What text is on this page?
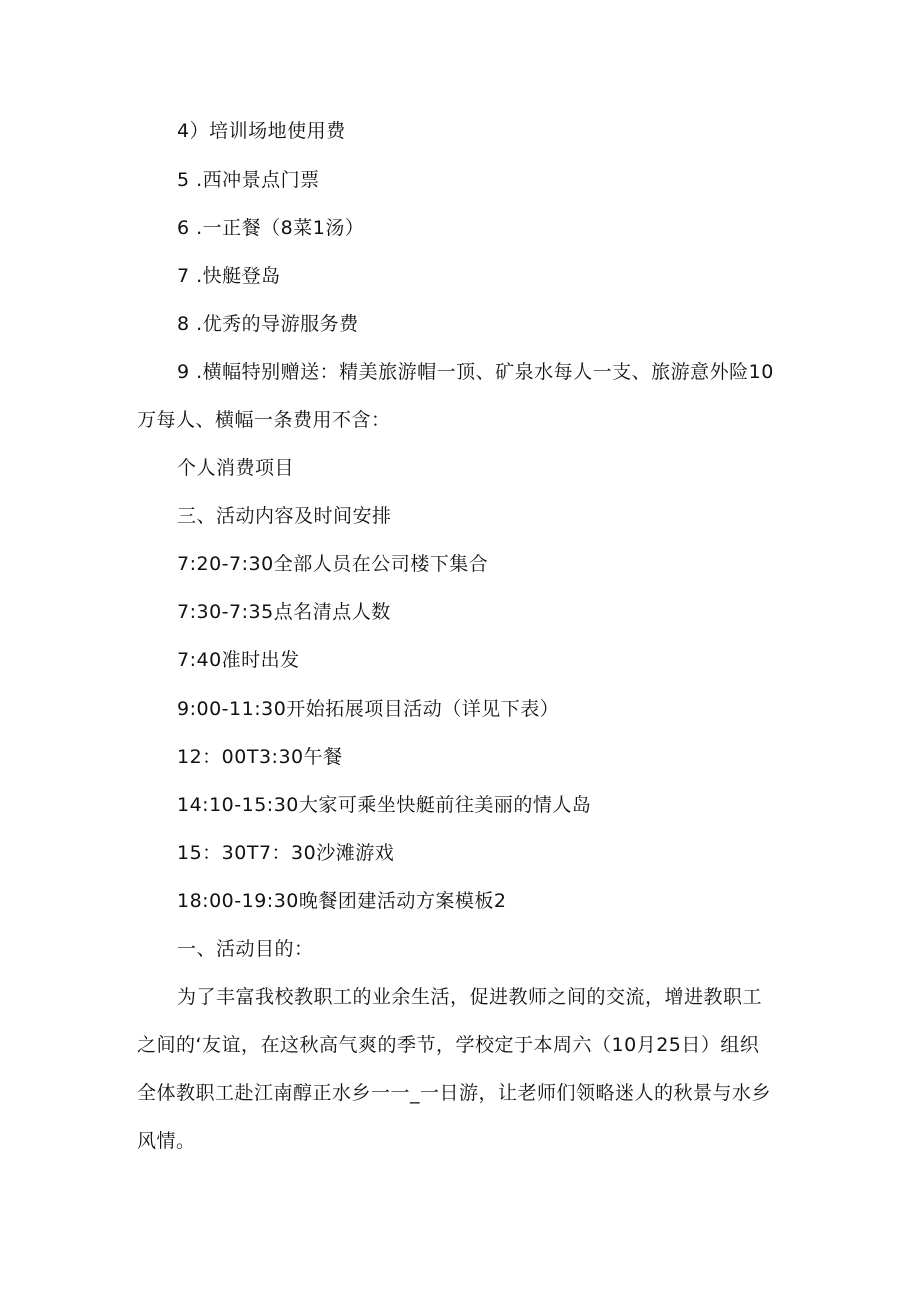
4）培训场地使用费
5 .西冲景点门票
6 .一正餐（8菜1汤）
7 .快艇登岛
8 .优秀的导游服务费
9 .横幅特别赠送：精美旅游帽一顶、矿泉水每人一支、旅游意外险10
万每人、横幅一条费用不含：
个人消费项目
三、活动内容及时间安排
7:20-7:30全部人员在公司楼下集合
7:30-7:35点名清点人数
7:40准时出发
9:00-11:30开始拓展项目活动（详见下表）
12：00T3:30午餐
14:10-15:30大家可乘坐快艇前往美丽的情人岛
15：30T7：30沙滩游戏
18:00-19:30晚餐团建活动方案模板2
一、活动目的：
为了丰富我校教职工的业余生活，促进教师之间的交流，增进教职工
之间的‘友谊，在这秋高气爽的季节，学校定于本周六（10月25日）组织
全体教职工赴江南醇正水乡一一_一日游，让老师们领略迷人的秋景与水乡
风情。
